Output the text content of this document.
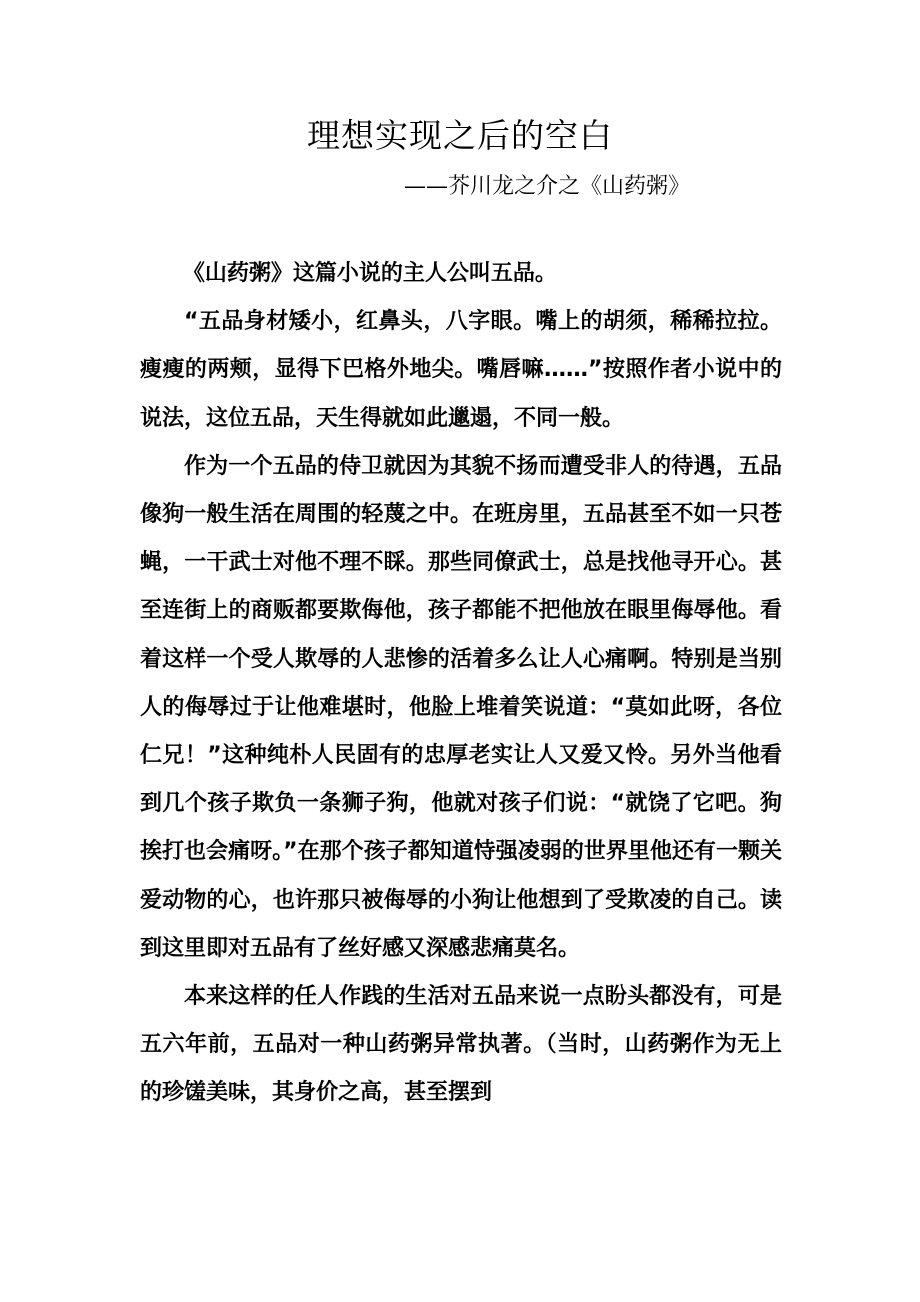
理想实现之后的空白
——芥川龙之介之《山药粥》

《山药粥》这篇小说的主人公叫五品。

“五品身材矮小，红鼻头，八字眼。嘴上的胡须，稀稀拉拉。瘦瘦的两颊，显得下巴格外地尖。嘴唇嘛……”按照作者小说中的说法，这位五品，天生得就如此邋遢，不同一般。

作为一个五品的侍卫就因为其貌不扬而遭受非人的待遇，五品像狗一般生活在周围的轻蔑之中。在班房里，五品甚至不如一只苍蝇，一干武士对他不理不睬。那些同僚武士，总是找他寻开心。甚至连街上的商贩都要欺侮他，孩子都能不把他放在眼里侮辱他。看着这样一个受人欺辱的人悲惨的活着多么让人心痛啊。特别是当别人的侮辱过于让他难堪时，他脸上堆着笑说道：“莫如此呀，各位仁兄！”这种纯朴人民固有的忠厚老实让人又爱又怜。另外当他看到几个孩子欺负一条狮子狗，他就对孩子们说：“就饶了它吧。狗挨打也会痛呀。”在那个孩子都知道恃强凌弱的世界里他还有一颗关爱动物的心，也许那只被侮辱的小狗让他想到了受欺凌的自己。读到这里即对五品有了丝好感又深感悲痛莫名。

本来这样的任人作践的生活对五品来说一点盼头都没有，可是五六年前，五品对一种山药粥异常执著。（当时，山药粥作为无上的珍馐美味，其身价之高，甚至摆到
